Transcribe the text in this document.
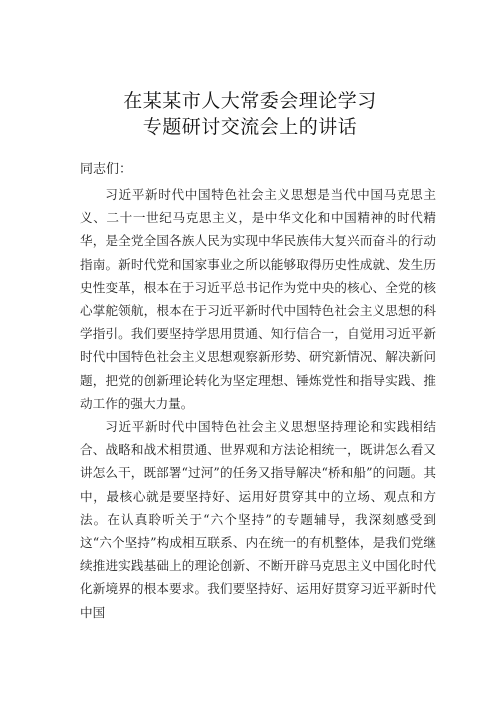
在某某市人大常委会理论学习
专题研讨交流会上的讲话
同志们：

习近平新时代中国特色社会主义思想是当代中国马克思主义、二十一世纪马克思主义，是中华文化和中国精神的时代精华，是全党全国各族人民为实现中华民族伟大复兴而奋斗的行动指南。新时代党和国家事业之所以能够取得历史性成就、发生历史性变革，根本在于习近平总书记作为党中央的核心、全党的核心掌舵领航，根本在于习近平新时代中国特色社会主义思想的科学指引。我们要坚持学思用贯通、知行信合一，自觉用习近平新时代中国特色社会主义思想观察新形势、研究新情况、解决新问题，把党的创新理论转化为坚定理想、锤炼党性和指导实践、推动工作的强大力量。

习近平新时代中国特色社会主义思想坚持理论和实践相结合、战略和战术相贯通、世界观和方法论相统一，既讲怎么看又讲怎么干，既部署“过河”的任务又指导解决“桥和船”的问题。其中，最核心就是要坚持好、运用好贯穿其中的立场、观点和方法。在认真聆听关于“六个坚持”的专题辅导，我深刻感受到这“六个坚持”构成相互联系、内在统一的有机整体，是我们党继续推进实践基础上的理论创新、不断开辟马克思主义中国化时代化新境界的根本要求。我们要坚持好、运用好贯穿习近平新时代中国
